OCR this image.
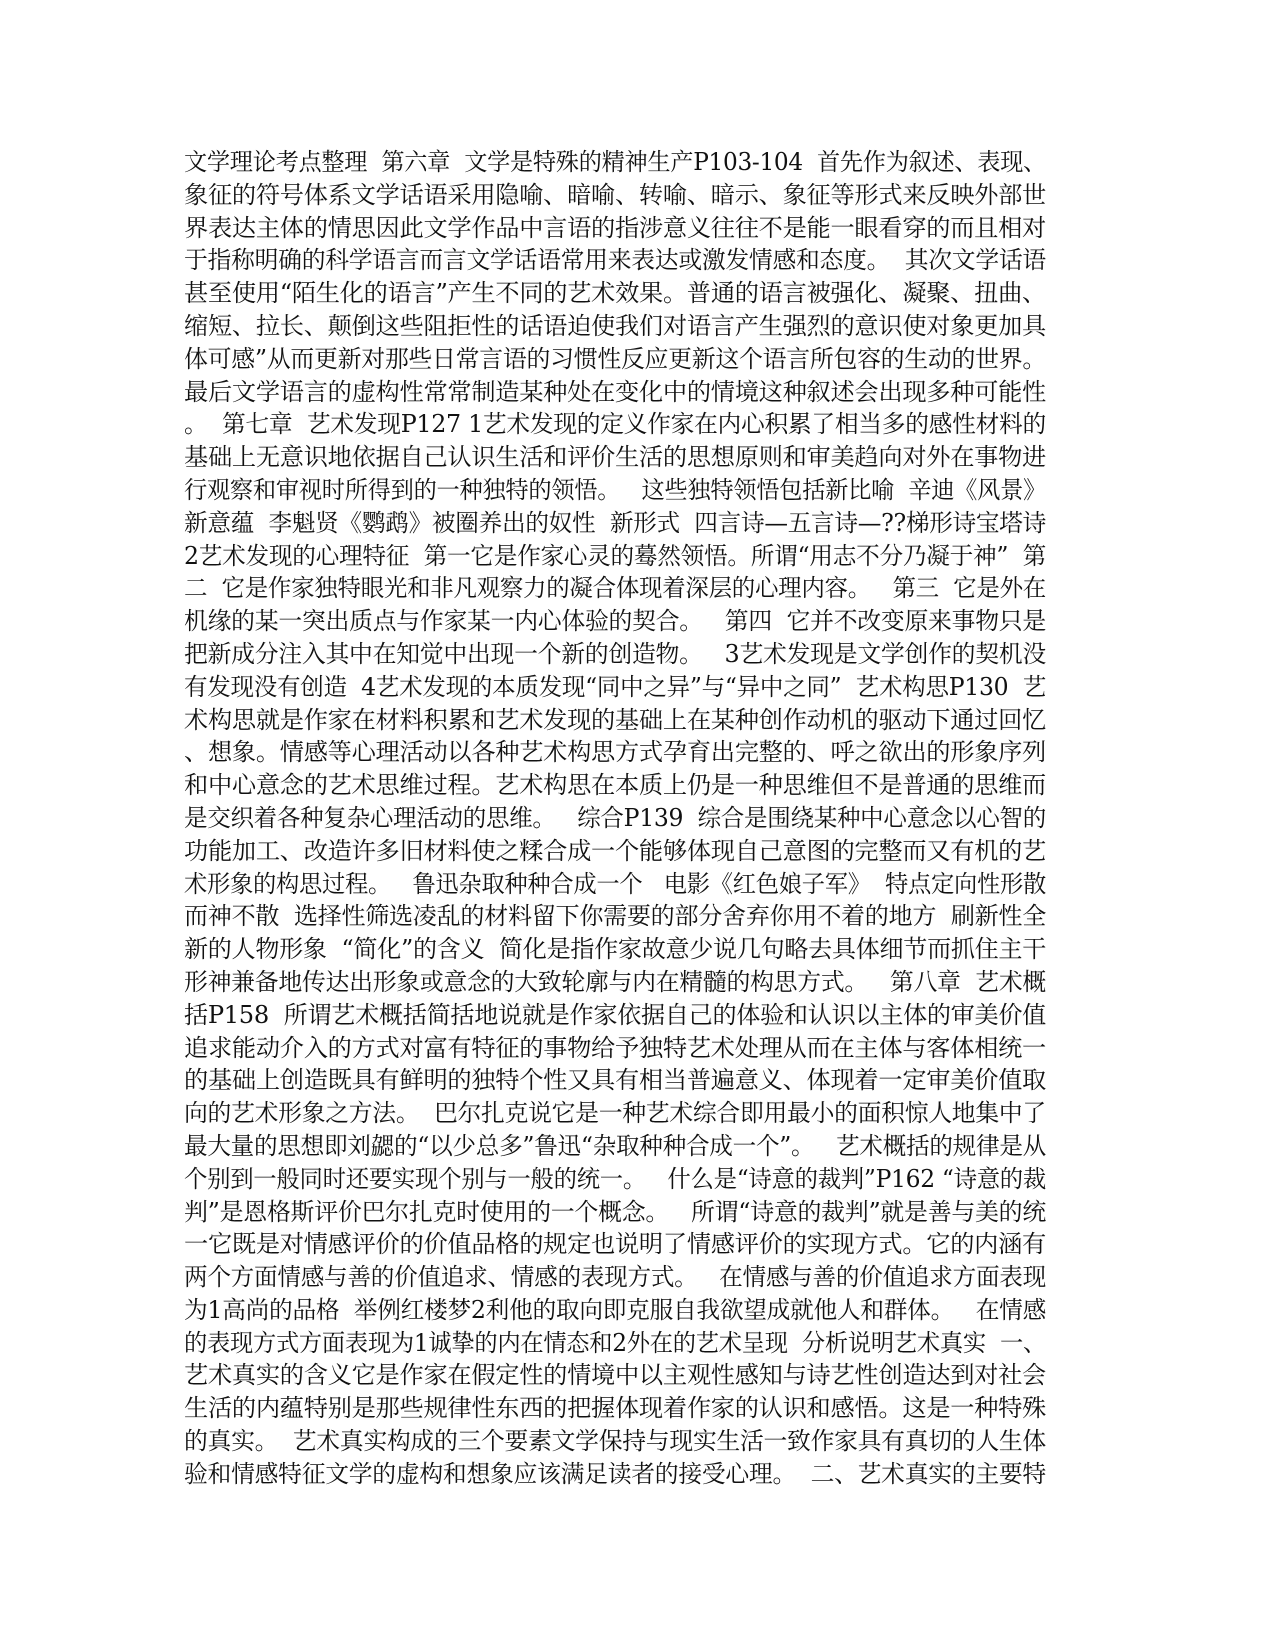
文学理论考点整理  第六章  文学是特殊的精神生产P103-104  首先作为叙述、表现、
象征的符号体系文学话语采用隐喻、暗喻、转喻、暗示、象征等形式来反映外部世
界表达主体的情思因此文学作品中言语的指涉意义往往不是能一眼看穿的而且相对
于指称明确的科学语言而言文学话语常用来表达或激发情感和态度。  其次文学话语
甚至使用“陌生化的语言”产生不同的艺术效果。普通的语言被强化、凝聚、扭曲、
缩短、拉长、颠倒这些阻拒性的话语迫使我们对语言产生强烈的意识使对象更加具
体可感”从而更新对那些日常言语的习惯性反应更新这个语言所包容的生动的世界。
最后文学语言的虚构性常常制造某种处在变化中的情境这种叙述会出现多种可能性
。  第七章  艺术发现P127 1艺术发现的定义作家在内心积累了相当多的感性材料的
基础上无意识地依据自己认识生活和评价生活的思想原则和审美趋向对外在事物进
行观察和审视时所得到的一种独特的领悟。   这些独特领悟包括新比喻  辛迪《风景》
新意蕴  李魁贤《鹦鹉》被圈养出的奴性  新形式  四言诗—五言诗—??梯形诗宝塔诗
2艺术发现的心理特征  第一它是作家心灵的蓦然领悟。所谓“用志不分乃凝于神”  第
二  它是作家独特眼光和非凡观察力的凝合体现着深层的心理内容。   第三  它是外在
机缘的某一突出质点与作家某一内心体验的契合。   第四  它并不改变原来事物只是
把新成分注入其中在知觉中出现一个新的创造物。   3艺术发现是文学创作的契机没
有发现没有创造  4艺术发现的本质发现“同中之异”与“异中之同”  艺术构思P130  艺
术构思就是作家在材料积累和艺术发现的基础上在某种创作动机的驱动下通过回忆
、想象。情感等心理活动以各种艺术构思方式孕育出完整的、呼之欲出的形象序列
和中心意念的艺术思维过程。艺术构思在本质上仍是一种思维但不是普通的思维而
是交织着各种复杂心理活动的思维。   综合P139  综合是围绕某种中心意念以心智的
功能加工、改造许多旧材料使之糅合成一个能够体现自己意图的完整而又有机的艺
术形象的构思过程。   鲁迅杂取种种合成一个   电影《红色娘子军》  特点定向性形散
而神不散  选择性筛选凌乱的材料留下你需要的部分舍弃你用不着的地方  刷新性全
新的人物形象  “简化”的含义  简化是指作家故意少说几句略去具体细节而抓住主干
形神兼备地传达出形象或意念的大致轮廓与内在精髓的构思方式。   第八章  艺术概
括P158  所谓艺术概括简括地说就是作家依据自己的体验和认识以主体的审美价值
追求能动介入的方式对富有特征的事物给予独特艺术处理从而在主体与客体相统一
的基础上创造既具有鲜明的独特个性又具有相当普遍意义、体现着一定审美价值取
向的艺术形象之方法。  巴尔扎克说它是一种艺术综合即用最小的面积惊人地集中了
最大量的思想即刘勰的“以少总多”鲁迅“杂取种种合成一个”。   艺术概括的规律是从
个别到一般同时还要实现个别与一般的统一。   什么是“诗意的裁判”P162 “诗意的裁
判”是恩格斯评价巴尔扎克时使用的一个概念。   所谓“诗意的裁判”就是善与美的统
一它既是对情感评价的价值品格的规定也说明了情感评价的实现方式。它的内涵有
两个方面情感与善的价值追求、情感的表现方式。   在情感与善的价值追求方面表现
为1高尚的品格  举例红楼梦2利他的取向即克服自我欲望成就他人和群体。   在情感
的表现方式方面表现为1诚挚的内在情态和2外在的艺术呈现  分析说明艺术真实  一、
艺术真实的含义它是作家在假定性的情境中以主观性感知与诗艺性创造达到对社会
生活的内蕴特别是那些规律性东西的把握体现着作家的认识和感悟。这是一种特殊
的真实。  艺术真实构成的三个要素文学保持与现实生活一致作家具有真切的人生体
验和情感特征文学的虚构和想象应该满足读者的接受心理。  二、艺术真实的主要特
